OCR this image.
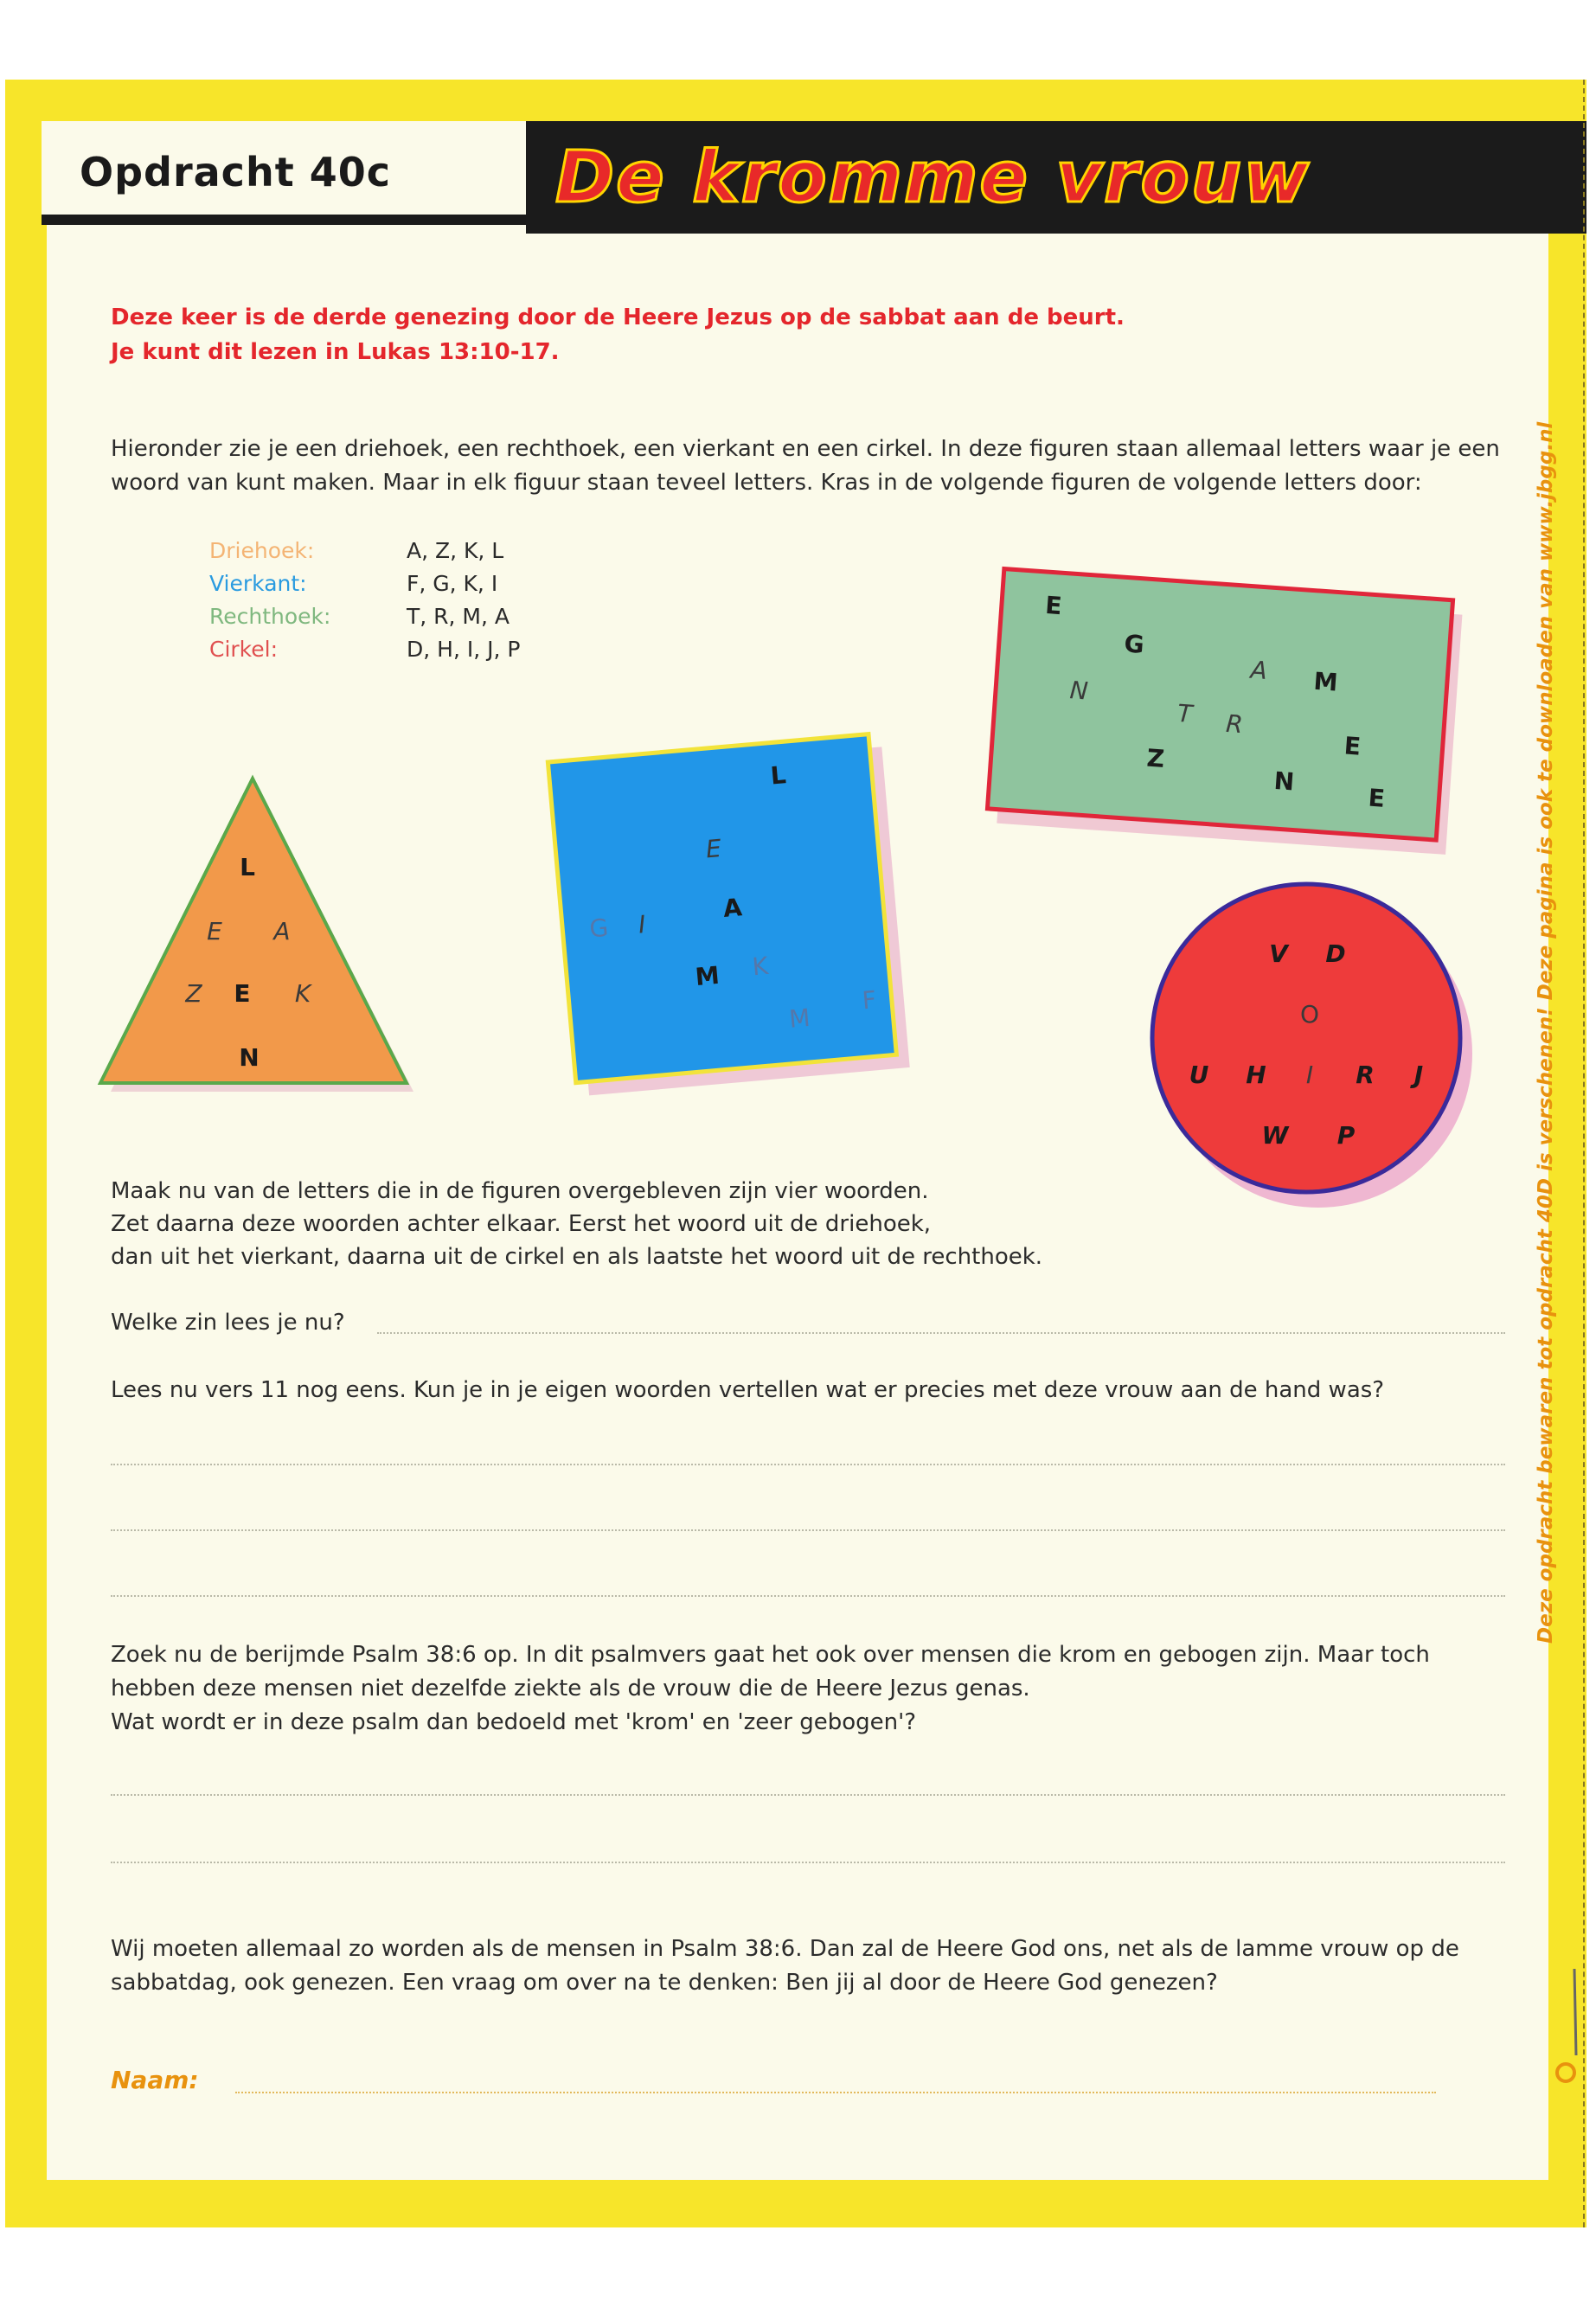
Opdracht 40c De kromme vrouw
Deze keer is de derde genezing door de Heere Jezus op de sabbat aan de beurt.
Je kunt dit lezen in Lukas 13:10-17.
Hieronder zie je een driehoek, een rechthoek, een vierkant en een cirkel. In deze figuren staan allemaal letters waar je een
woord van kunt maken. Maar in elk figuur staan teveel letters. Kras in de volgende figuren de volgende letters door:
Driehoek:	A, Z, K, L
Vierkant:	F, G, K, I
Rechthoek:	T, R, M, A
Cirkel:	D, H, I, J, P
L
E A
Z E K
N
L
E
G I
A
M K
M
F
E
G
A M
N
T R
E
Z
N
E
V D
O
U H I R J
W P
Maak nu van de letters die in de figuren overgebleven zijn vier woorden.
Zet daarna deze woorden achter elkaar. Eerst het woord uit de driehoek,
dan uit het vierkant, daarna uit de cirkel en als laatste het woord uit de rechthoek.
Welke zin lees je nu?
Lees nu vers 11 nog eens. Kun je in je eigen woorden vertellen wat er precies met deze vrouw aan de hand was?
Zoek nu de berijmde Psalm 38:6 op. In dit psalmvers gaat het ook over mensen die krom en gebogen zijn. Maar toch
hebben deze mensen niet dezelfde ziekte als de vrouw die de Heere Jezus genas.
Wat wordt er in deze psalm dan bedoeld met 'krom' en 'zeer gebogen'?
Wij moeten allemaal zo worden als de mensen in Psalm 38:6. Dan zal de Heere God ons, net als de lamme vrouw op de
sabbatdag, ook genezen. Een vraag om over na te denken: Ben jij al door de Heere God genezen?
Naam:
Deze opdracht bewaren tot opdracht 40D is verschenen! Deze pagina is ook te downloaden van www.jbgg.nl
